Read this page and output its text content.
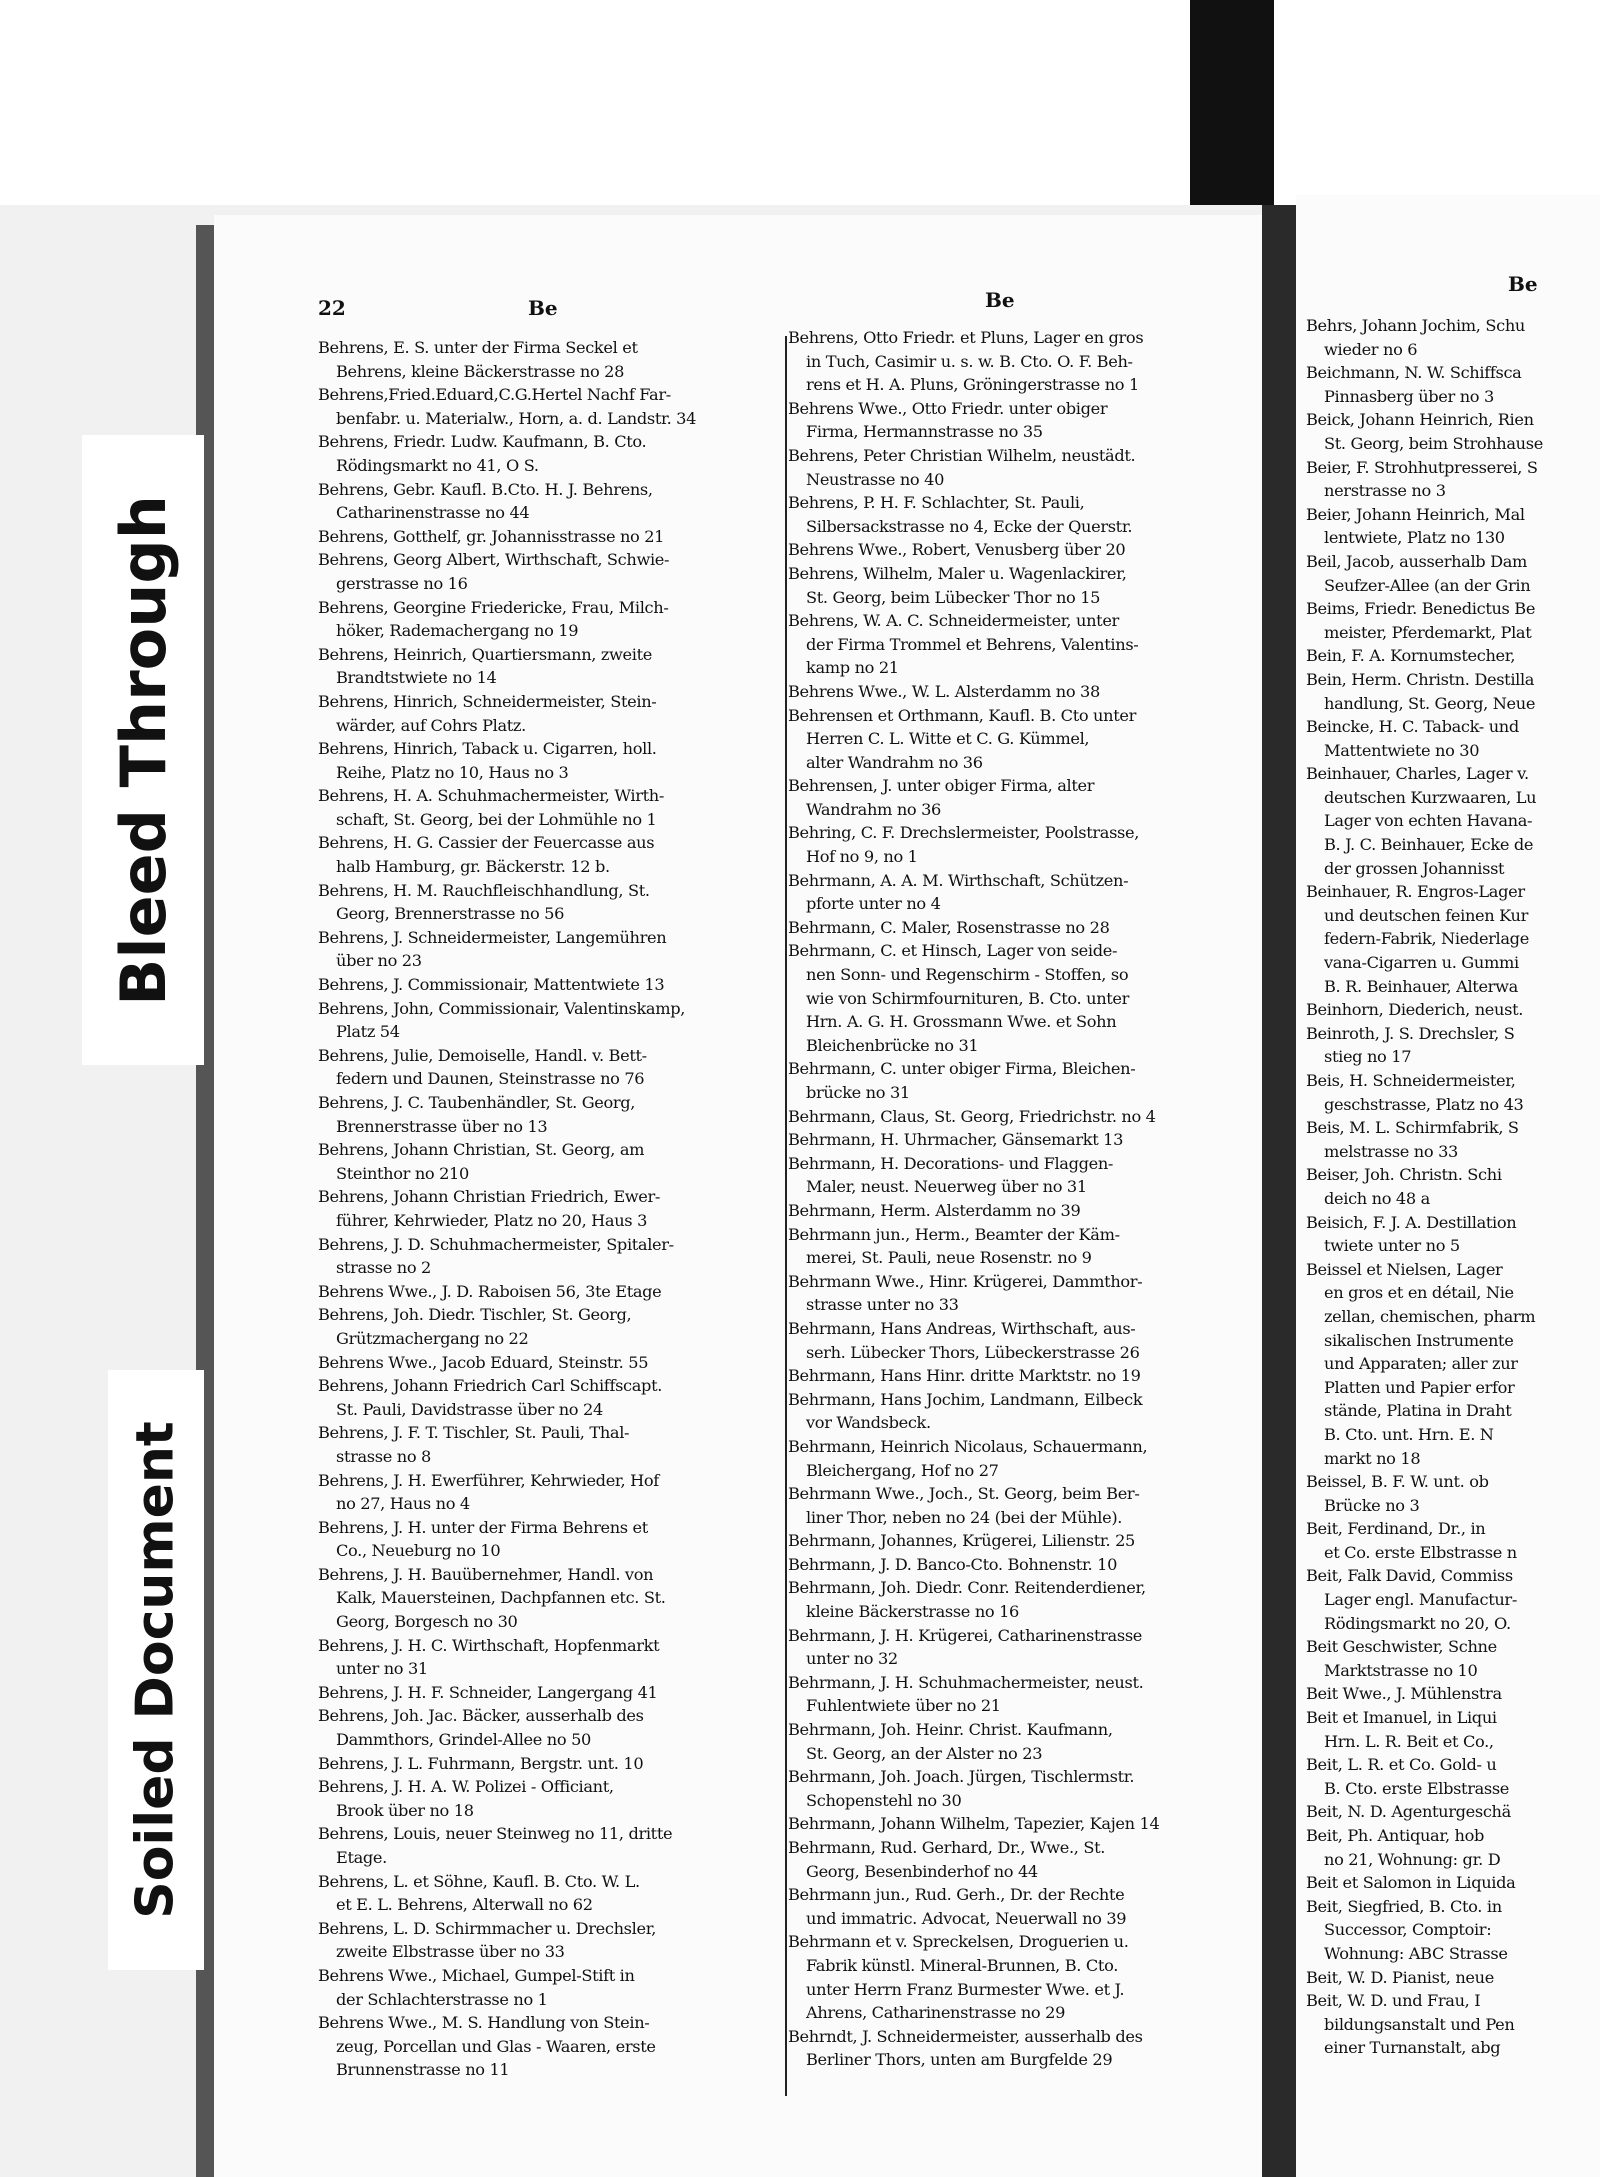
Bleed Through
Soiled Document
22	Be	Be
Be
Behrens, E. S. unter der Firma Seckel et
Behrens, kleine Bäckerstrasse no 28
Behrens,Fried.Eduard,C.G.Hertel Nachf Far-
benfabr. u. Materialw., Horn, a. d. Landstr. 34
Behrens, Friedr. Ludw. Kaufmann, B. Cto.
Rödingsmarkt no 41, O S.
Behrens, Gebr. Kaufl. B.Cto. H. J. Behrens,
Catharinenstrasse no 44
Behrens, Gotthelf, gr. Johannisstrasse no 21
Behrens, Georg Albert, Wirthschaft, Schwie-
gerstrasse no 16
Behrens, Georgine Friedericke, Frau, Milch-
höker, Rademachergang no 19
Behrens, Heinrich, Quartiersmann, zweite
Brandtstwiete no 14
Behrens, Hinrich, Schneidermeister, Stein-
wärder, auf Cohrs Platz.
Behrens, Hinrich, Taback u. Cigarren, holl.
Reihe, Platz no 10, Haus no 3
Behrens, H. A. Schuhmachermeister, Wirth-
schaft, St. Georg, bei der Lohmühle no 1
Behrens, H. G. Cassier der Feuercasse aus
halb Hamburg, gr. Bäckerstr. 12 b.
Behrens, H. M. Rauchfleischhandlung, St.
Georg, Brennerstrasse no 56
Behrens, J. Schneidermeister, Langemühren
über no 23
Behrens, J. Commissionair, Mattentwiete 13
Behrens, John, Commissionair, Valentinskamp,
Platz 54
Behrens, Julie, Demoiselle, Handl. v. Bett-
federn und Daunen, Steinstrasse no 76
Behrens, J. C. Taubenhändler, St. Georg,
Brennerstrasse über no 13
Behrens, Johann Christian, St. Georg, am
Steinthor no 210
Behrens, Johann Christian Friedrich, Ewer-
führer, Kehrwieder, Platz no 20, Haus 3
Behrens, J. D. Schuhmachermeister, Spitaler-
strasse no 2
Behrens Wwe., J. D. Raboisen 56, 3te Etage
Behrens, Joh. Diedr. Tischler, St. Georg,
Grützmachergang no 22
Behrens Wwe., Jacob Eduard, Steinstr. 55
Behrens, Johann Friedrich Carl Schiffscapt.
St. Pauli, Davidstrasse über no 24
Behrens, J. F. T. Tischler, St. Pauli, Thal-
strasse no 8
Behrens, J. H. Ewerführer, Kehrwieder, Hof
no 27, Haus no 4
Behrens, J. H. unter der Firma Behrens et
Co., Neueburg no 10
Behrens, J. H. Bauübernehmer, Handl. von
Kalk, Mauersteinen, Dachpfannen etc. St.
Georg, Borgesch no 30
Behrens, J. H. C. Wirthschaft, Hopfenmarkt
unter no 31
Behrens, J. H. F. Schneider, Langergang 41
Behrens, Joh. Jac. Bäcker, ausserhalb des
Dammthors, Grindel-Allee no 50
Behrens, J. L. Fuhrmann, Bergstr. unt. 10
Behrens, J. H. A. W. Polizei - Officiant,
Brook über no 18
Behrens, Louis, neuer Steinweg no 11, dritte
Etage.
Behrens, L. et Söhne, Kaufl. B. Cto. W. L.
et E. L. Behrens, Alterwall no 62
Behrens, L. D. Schirmmacher u. Drechsler,
zweite Elbstrasse über no 33
Behrens Wwe., Michael, Gumpel-Stift in
der Schlachterstrasse no 1
Behrens Wwe., M. S. Handlung von Stein-
zeug, Porcellan und Glas - Waaren, erste
Brunnenstrasse no 11
Behrens, Otto Friedr. et Pluns, Lager en gros
in Tuch, Casimir u. s. w. B. Cto. O. F. Beh-
rens et H. A. Pluns, Gröningerstrasse no 1
Behrens Wwe., Otto Friedr. unter obiger
Firma, Hermannstrasse no 35
Behrens, Peter Christian Wilhelm, neustädt.
Neustrasse no 40
Behrens, P. H. F. Schlachter, St. Pauli,
Silbersackstrasse no 4, Ecke der Querstr.
Behrens Wwe., Robert, Venusberg über 20
Behrens, Wilhelm, Maler u. Wagenlackirer,
St. Georg, beim Lübecker Thor no 15
Behrens, W. A. C. Schneidermeister, unter
der Firma Trommel et Behrens, Valentins-
kamp no 21
Behrens Wwe., W. L. Alsterdamm no 38
Behrensen et Orthmann, Kaufl. B. Cto unter
Herren C. L. Witte et C. G. Kümmel,
alter Wandrahm no 36
Behrensen, J. unter obiger Firma, alter
Wandrahm no 36
Behring, C. F. Drechslermeister, Poolstrasse,
Hof no 9, no 1
Behrmann, A. A. M. Wirthschaft, Schützen-
pforte unter no 4
Behrmann, C. Maler, Rosenstrasse no 28
Behrmann, C. et Hinsch, Lager von seide-
nen Sonn- und Regenschirm - Stoffen, so
wie von Schirmfournituren, B. Cto. unter
Hrn. A. G. H. Grossmann Wwe. et Sohn
Bleichenbrücke no 31
Behrmann, C. unter obiger Firma, Bleichen-
brücke no 31
Behrmann, Claus, St. Georg, Friedrichstr. no 4
Behrmann, H. Uhrmacher, Gänsemarkt 13
Behrmann, H. Decorations- und Flaggen-
Maler, neust. Neuerweg über no 31
Behrmann, Herm. Alsterdamm no 39
Behrmann jun., Herm., Beamter der Käm-
merei, St. Pauli, neue Rosenstr. no 9
Behrmann Wwe., Hinr. Krügerei, Dammthor-
strasse unter no 33
Behrmann, Hans Andreas, Wirthschaft, aus-
serh. Lübecker Thors, Lübeckerstrasse 26
Behrmann, Hans Hinr. dritte Marktstr. no 19
Behrmann, Hans Jochim, Landmann, Eilbeck
vor Wandsbeck.
Behrmann, Heinrich Nicolaus, Schauermann,
Bleichergang, Hof no 27
Behrmann Wwe., Joch., St. Georg, beim Ber-
liner Thor, neben no 24 (bei der Mühle).
Behrmann, Johannes, Krügerei, Lilienstr. 25
Behrmann, J. D. Banco-Cto. Bohnenstr. 10
Behrmann, Joh. Diedr. Conr. Reitenderdiener,
kleine Bäckerstrasse no 16
Behrmann, J. H. Krügerei, Catharinenstrasse
unter no 32
Behrmann, J. H. Schuhmachermeister, neust.
Fuhlentwiete über no 21
Behrmann, Joh. Heinr. Christ. Kaufmann,
St. Georg, an der Alster no 23
Behrmann, Joh. Joach. Jürgen, Tischlermstr.
Schopenstehl no 30
Behrmann, Johann Wilhelm, Tapezier, Kajen 14
Behrmann, Rud. Gerhard, Dr., Wwe., St.
Georg, Besenbinderhof no 44
Behrmann jun., Rud. Gerh., Dr. der Rechte
und immatric. Advocat, Neuerwall no 39
Behrmann et v. Spreckelsen, Droguerien u.
Fabrik künstl. Mineral-Brunnen, B. Cto.
unter Herrn Franz Burmester Wwe. et J.
Ahrens, Catharinenstrasse no 29
Behrndt, J. Schneidermeister, ausserhalb des
Berliner Thors, unten am Burgfelde 29
Behrs, Johann Jochim, Schu
wieder no 6
Beichmann, N. W. Schiffsca
Pinnasberg über no 3
Beick, Johann Heinrich, Rien
St. Georg, beim Strohhause
Beier, F. Strohhutpresserei, S
nerstrasse no 3
Beier, Johann Heinrich, Mal
lentwiete, Platz no 130
Beil, Jacob, ausserhalb Dam
Seufzer-Allee (an der Grin
Beims, Friedr. Benedictus Be
meister, Pferdemarkt, Plat
Bein, F. A. Kornumstecher,
Bein, Herm. Christn. Destilla
handlung, St. Georg, Neue
Beincke, H. C. Taback- und
Mattentwiete no 30
Beinhauer, Charles, Lager v.
deutschen Kurzwaaren, Lu
Lager von echten Havana-
B. J. C. Beinhauer, Ecke de
der grossen Johannisst
Beinhauer, R. Engros-Lager
und deutschen feinen Kur
federn-Fabrik, Niederlage
vana-Cigarren u. Gummi
B. R. Beinhauer, Alterwa
Beinhorn, Diederich, neust.
Beinroth, J. S. Drechsler, S
stieg no 17
Beis, H. Schneidermeister,
geschstrasse, Platz no 43
Beis, M. L. Schirmfabrik, S
melstrasse no 33
Beiser, Joh. Christn. Schi
deich no 48 a
Beisich, F. J. A. Destillation
twiete unter no 5
Beissel et Nielsen, Lager
en gros et en détail, Nie
zellan, chemischen, pharm
sikalischen Instrumente
und Apparaten; aller zur
Platten und Papier erfor
stände, Platina in Draht
B. Cto. unt. Hrn. E. N
markt no 18
Beissel, B. F. W. unt. ob
Brücke no 3
Beit, Ferdinand, Dr., in
et Co. erste Elbstrasse n
Beit, Falk David, Commiss
Lager engl. Manufactur-
Rödingsmarkt no 20, O.
Beit Geschwister, Schne
Marktstrasse no 10
Beit Wwe., J. Mühlenstra
Beit et Imanuel, in Liqui
Hrn. L. R. Beit et Co.,
Beit, L. R. et Co. Gold- u
B. Cto. erste Elbstrasse
Beit, N. D. Agenturgeschä
Beit, Ph. Antiquar, hob
no 21, Wohnung: gr. D
Beit et Salomon in Liquida
Beit, Siegfried, B. Cto. in
Successor, Comptoir:
Wohnung: ABC Strasse
Beit, W. D. Pianist, neue
Beit, W. D. und Frau, I
bildungsanstalt und Pen
einer Turnanstalt, abg
